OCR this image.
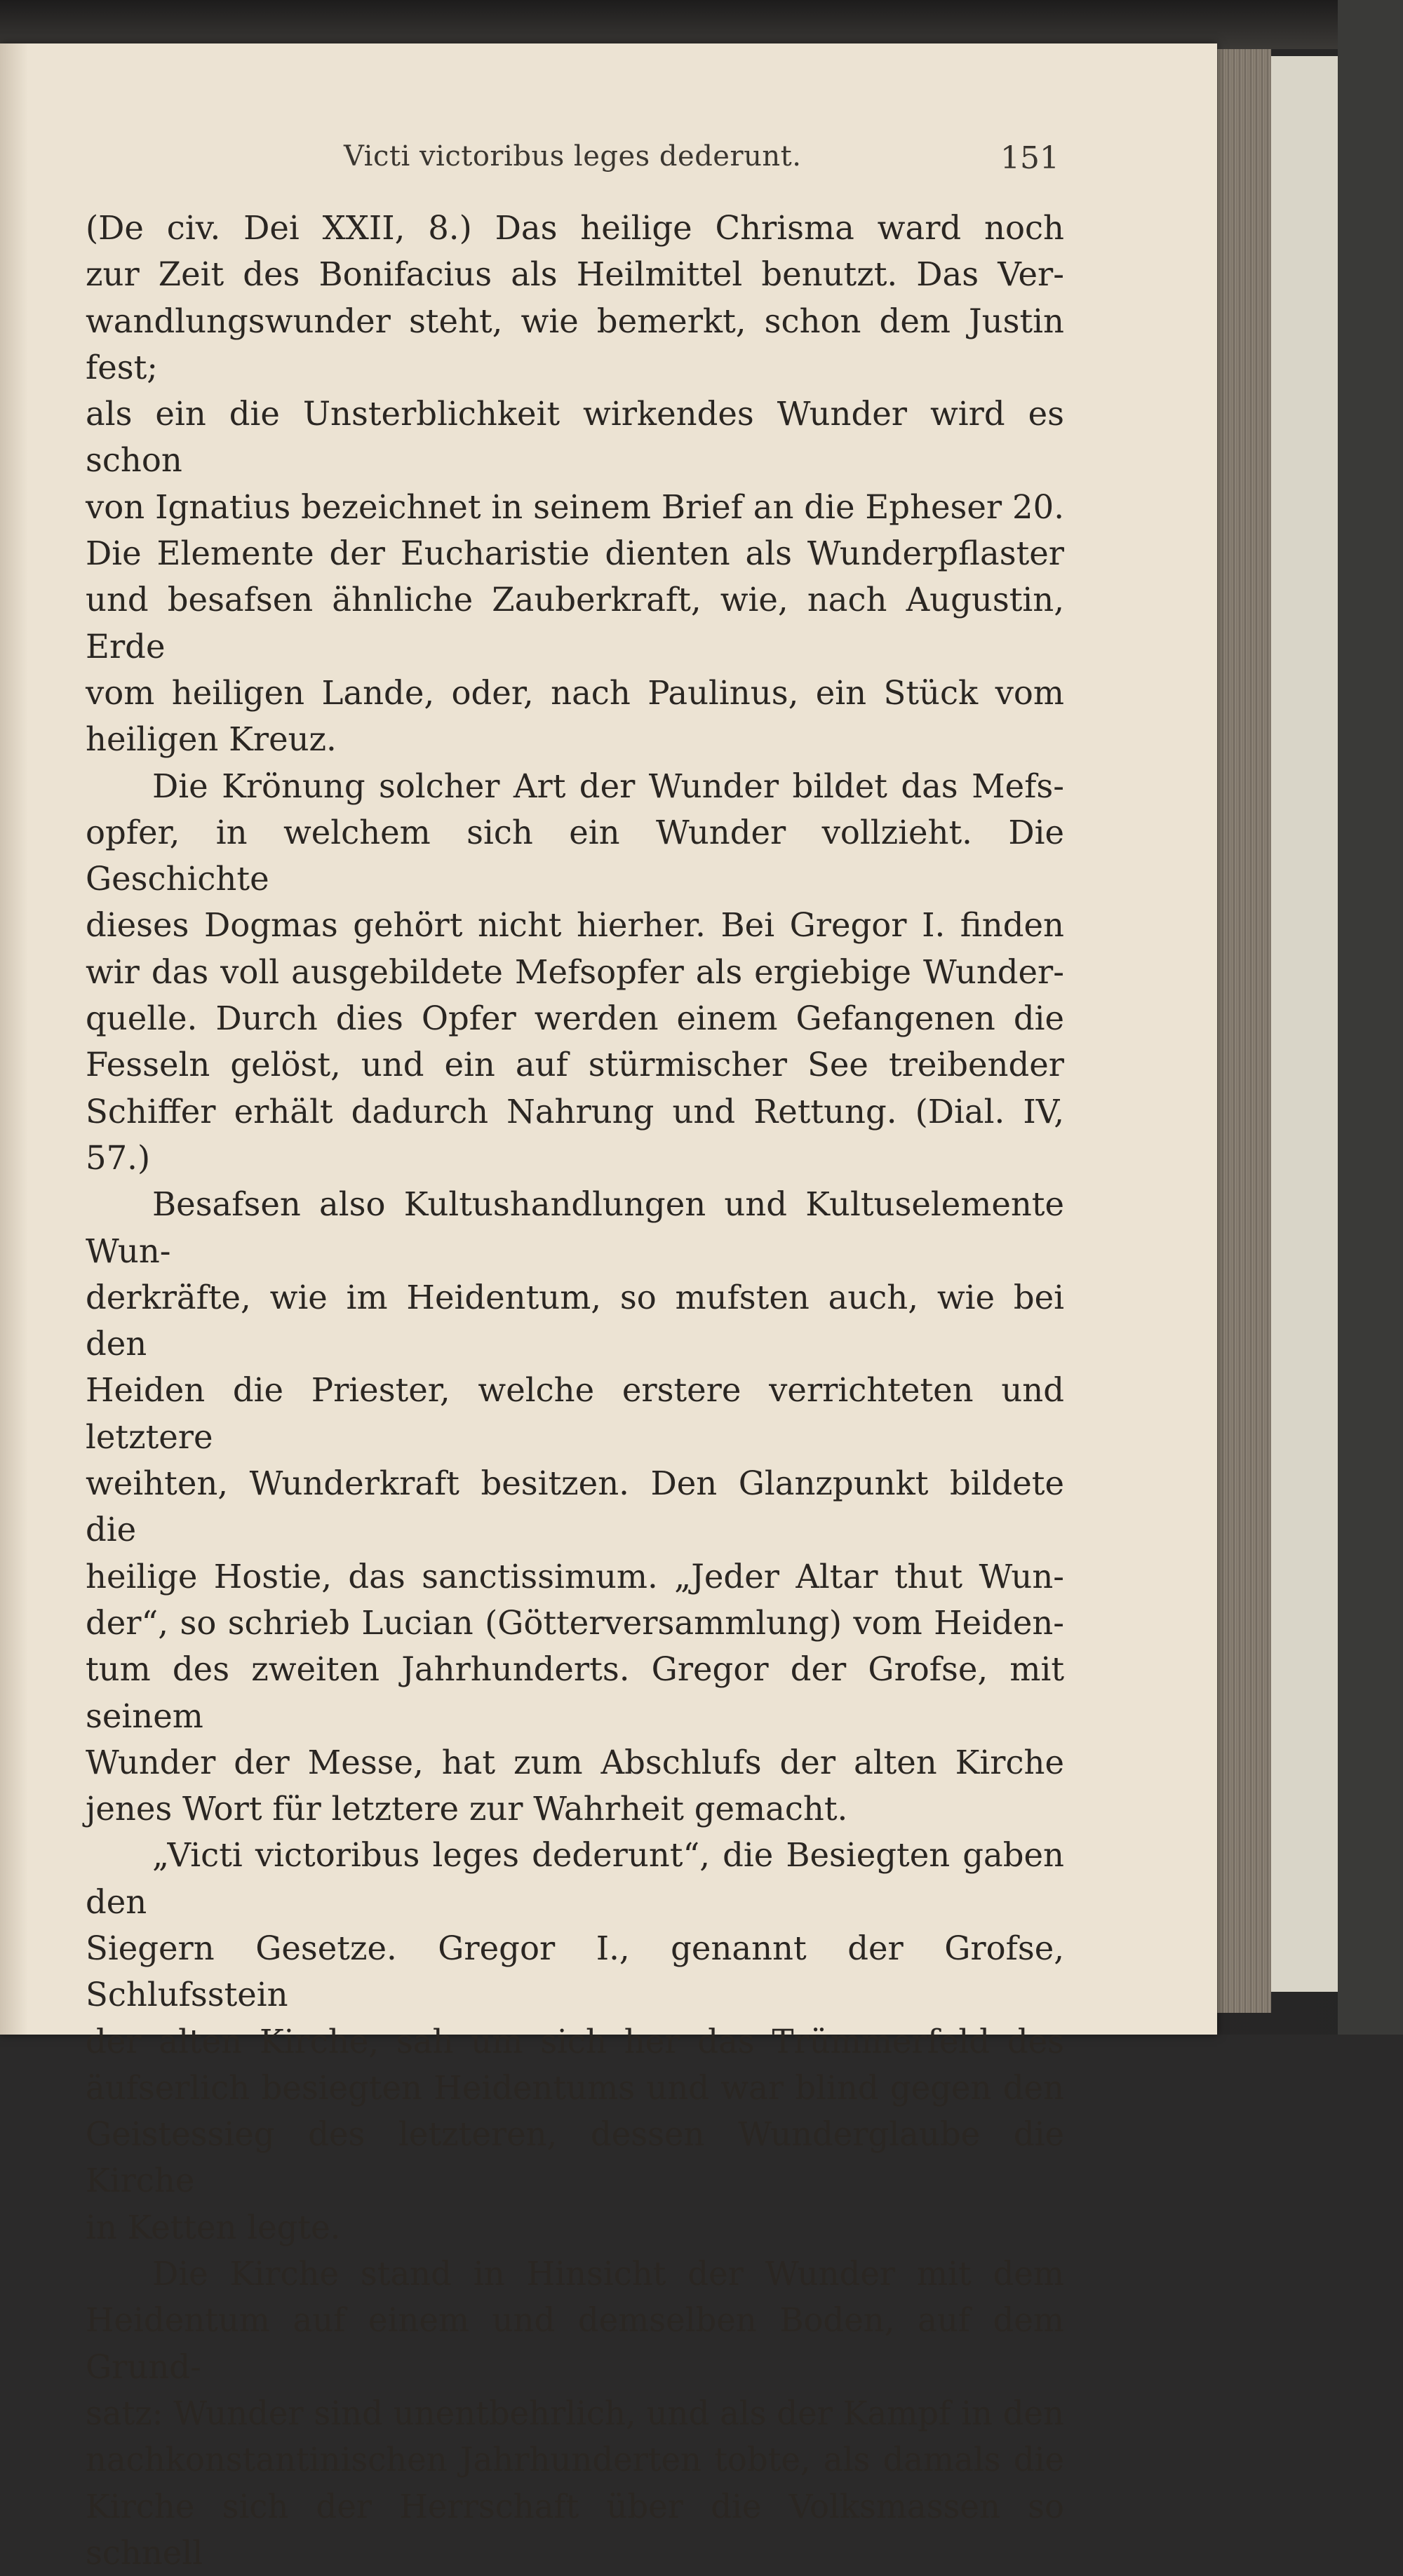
Victi victoribus leges dederunt.	151

(De civ. Dei XXII, 8.) Das heilige Chrisma ward noch

zur Zeit des Bonifacius als Heilmittel benutzt. Das Ver-

wandlungswunder steht, wie bemerkt, schon dem Justin fest;

als ein die Unsterblichkeit wirkendes Wunder wird es schon

von Ignatius bezeichnet in seinem Brief an die Epheser 20.

Die Elemente der Eucharistie dienten als Wunderpflaster

und besafsen ähnliche Zauberkraft, wie, nach Augustin, Erde

vom heiligen Lande, oder, nach Paulinus, ein Stück vom

heiligen Kreuz.

Die Krönung solcher Art der Wunder bildet das Mefs-

opfer, in welchem sich ein Wunder vollzieht. Die Geschichte

dieses Dogmas gehört nicht hierher. Bei Gregor I. finden

wir das voll ausgebildete Mefsopfer als ergiebige Wunder-

quelle. Durch dies Opfer werden einem Gefangenen die

Fesseln gelöst, und ein auf stürmischer See treibender

Schiffer erhält dadurch Nahrung und Rettung. (Dial. IV, 57.)

Besafsen also Kultushandlungen und Kultuselemente Wun-

derkräfte, wie im Heidentum, so mufsten auch, wie bei den

Heiden die Priester, welche erstere verrichteten und letztere

weihten, Wunderkraft besitzen. Den Glanzpunkt bildete die

heilige Hostie, das sanctissimum. „Jeder Altar thut Wun-

der“, so schrieb Lucian (Götterversammlung) vom Heiden-

tum des zweiten Jahrhunderts. Gregor der Grofse, mit seinem

Wunder der Messe, hat zum Abschlufs der alten Kirche

jenes Wort für letztere zur Wahrheit gemacht.

„Victi victoribus leges dederunt“, die Besiegten gaben den

Siegern Gesetze. Gregor I., genannt der Grofse, Schlufsstein

der alten Kirche, sah um sich her das Trümmerfeld des

äufserlich besiegten Heidentums und war blind gegen den

Geistessieg des letzteren, dessen Wunderglaube die Kirche

in Ketten legte.

Die Kirche stand in Hinsicht der Wunder mit dem

Heidentum auf einem und demselben Boden, auf dem Grund-

satz: Wunder sind unentbehrlich, und als der Kampf in den

nachkonstantinischen Jahrhunderten tobte, als damals die

Kirche sich der Herrschaft über die Volksmassen so schnell
